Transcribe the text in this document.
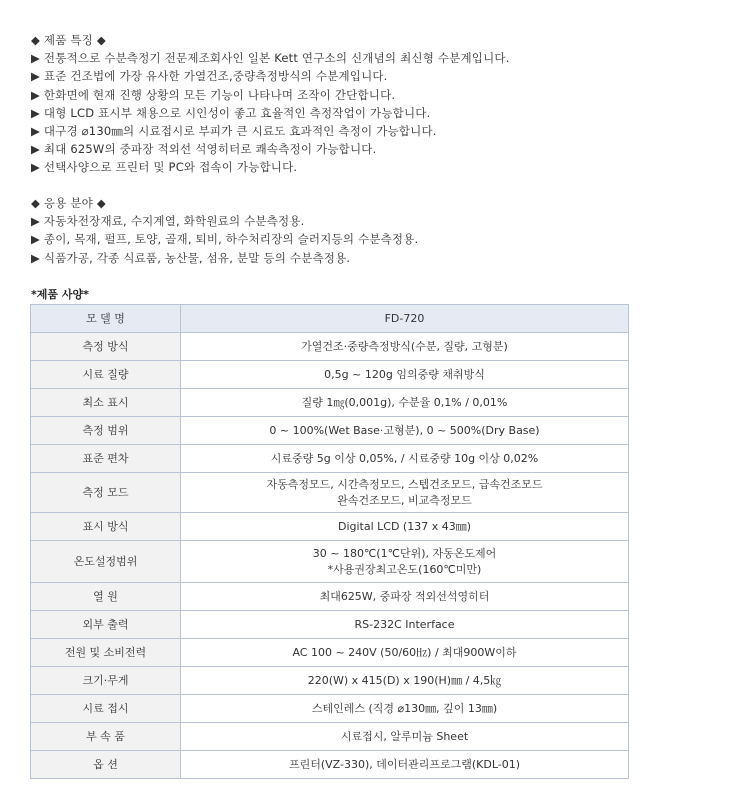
◆ 제품 특징 ◆
▶ 전통적으로 수분측정기 전문제조회사인 일본 Kett 연구소의 신개념의 최신형 수분계입니다.
▶ 표준 건조법에 가장 유사한 가열건조,중량측정방식의 수분계입니다.
▶ 한화면에 현재 진행 상황의 모든 기능이 나타나며 조작이 간단합니다.
▶ 대형 LCD 표시부 채용으로 시인성이 좋고 효율적인 측정작업이 가능합니다.
▶ 대구경 ⌀130㎜의 시료접시로 부피가 큰 시료도 효과적인 측정이 가능합니다.
▶ 최대 625W의 중파장 적외선 석영히터로 쾌속측정이 가능합니다.
▶ 선택사양으로 프린터 및 PC와 접속이 가능합니다.
◆ 응용 분야 ◆
▶ 자동차전장재료, 수지계열, 화학원료의 수분측정용.
▶ 종이, 목재, 펄프, 토양, 골재, 퇴비, 하수처리장의 슬러지등의 수분측정용.
▶ 식품가공, 각종 식료품, 농산물, 섬유, 분말 등의 수분측정용.
*제품 사양*
모 델 명	FD-720
측정 방식	가열건조·중량측정방식(수분, 질량, 고형분)

시료 질량	0,5g ~ 120g 임의중량 채취방식

최소 표시	질량 1㎎(0,001g), 수분율 0,1% / 0,01%

측정 범위	0 ~ 100%(Wet Base·고형분), 0 ~ 500%(Dry Base)

표준 편차	시료중량 5g 이상 0,05%, / 시료중량 10g 이상 0,02%

측정 모드	자동측정모드, 시간측정모드, 스텝건조모드, 급속건조모드
완속건조모드, 비교측정모드

표시 방식	Digital LCD (137 x 43㎜)

온도설정범위	30 ~ 180℃(1℃단위), 자동온도제어
*사용권장최고온도(160℃미만)

열 원	최대625W, 중파장 적외선석영히터

외부 출력	RS-232C Interface

전원 및 소비전력	AC 100 ~ 240V (50/60㎐) / 최대900W이하

크기·무게	220(W) x 415(D) x 190(H)㎜ / 4,5㎏

시료 접시	스테인레스 (직경 ⌀130㎜, 깊이 13㎜)

부 속 품	시료접시, 알루미늄 Sheet

옵 션	프린터(VZ-330), 데이터관리프로그램(KDL-01)
